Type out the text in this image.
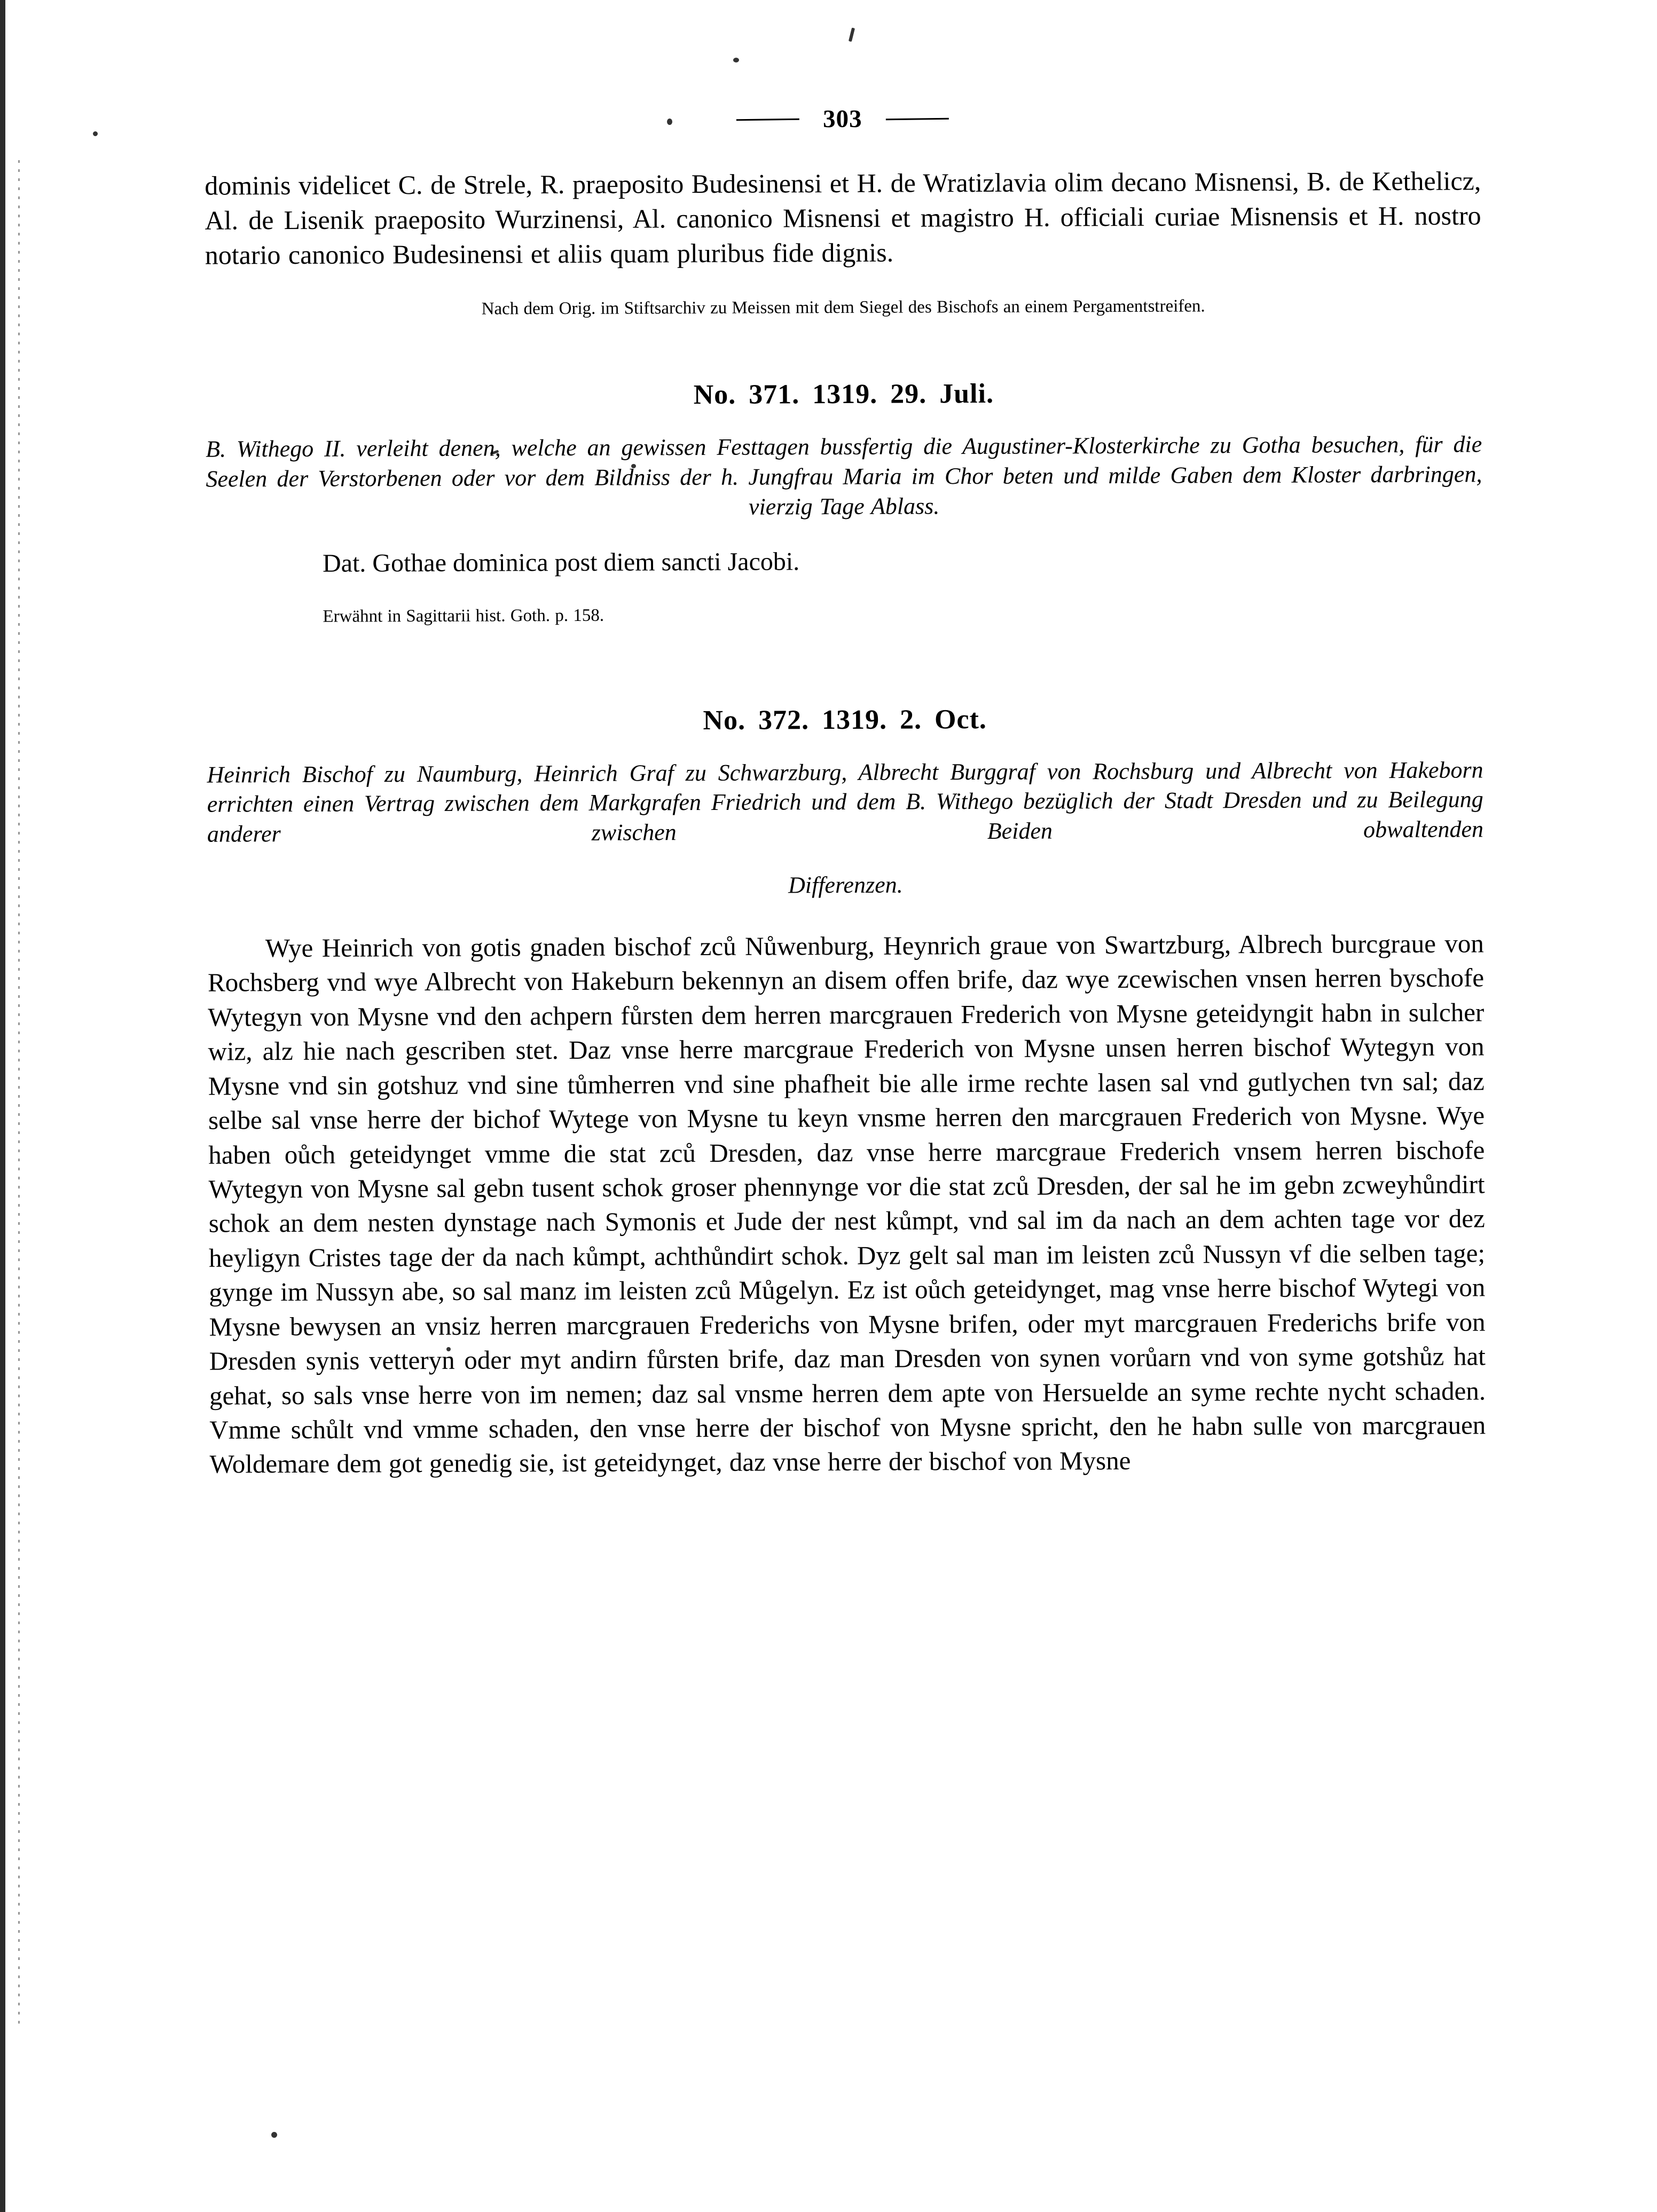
303

dominis videlicet C. de Strele, R. praeposito Budesinensi et H. de Wratizlavia olim decano Misnensi, B. de Kethelicz, Al. de Lisenik praeposito Wurzinensi, Al. canonico Misnensi et magistro H. officiali curiae Misnensis et H. nostro notario canonico Budesinensi et aliis quam pluribus fide dignis.

Nach dem Orig. im Stiftsarchiv zu Meissen mit dem Siegel des Bischofs an einem Pergamentstreifen.

No. 371. 1319. 29. Juli.

B. Withego II. verleiht denen, welche an gewissen Festtagen bussfertig die Augustiner-Klosterkirche zu Gotha besuchen, für die Seelen der Verstorbenen oder vor dem Bildniss der h. Jungfrau Maria im Chor beten und milde Gaben dem Kloster darbringen, vierzig Tage Ablass.

Dat. Gothae dominica post diem sancti Jacobi.

Erwähnt in Sagittarii hist. Goth. p. 158.

No. 372. 1319. 2. Oct.

Heinrich Bischof zu Naumburg, Heinrich Graf zu Schwarzburg, Albrecht Burggraf von Rochsburg und Albrecht von Hakeborn errichten einen Vertrag zwischen dem Markgrafen Friedrich und dem B. Withego bezüglich der Stadt Dresden und zu Beilegung anderer zwischen Beiden obwaltenden

Differenzen.

Wye Heinrich von gotis gnaden bischof zců Nůwenburg, Heynrich graue von Swartzburg, Albrech burcgraue von Rochsberg vnd wye Albrecht von Hakeburn bekennyn an disem offen brife, daz wye zcewischen vnsen herren byschofe Wytegyn von Mysne vnd den achpern fůrsten dem herren marcgrauen Frederich von Mysne geteidyngit habn in sulcher wiz, alz hie nach gescriben stet. Daz vnse herre marcgraue Frederich von Mysne unsen herren bischof Wytegyn von Mysne vnd sin gotshuz vnd sine tůmherren vnd sine phafheit bie alle irme rechte lasen sal vnd gutlychen tvn sal; daz selbe sal vnse herre der bichof Wytege von Mysne tu keyn vnsme herren den marcgrauen Frederich von Mysne. Wye haben oůch geteidynget vmme die stat zců Dresden, daz vnse herre marcgraue Frederich vnsem herren bischofe Wytegyn von Mysne sal gebn tusent schok groser phennynge vor die stat zců Dresden, der sal he im gebn zcweyhůndirt schok an dem nesten dynstage nach Symonis et Jude der nest kůmpt, vnd sal im da nach an dem achten tage vor dez heyligyn Cristes tage der da nach kůmpt, achthůndirt schok. Dyz gelt sal man im leisten zců Nussyn vf die selben tage; gynge im Nussyn abe, so sal manz im leisten zců Můgelyn. Ez ist oůch geteidynget, mag vnse herre bischof Wytegi von Mysne bewysen an vnsiz herren marcgrauen Frederichs von Mysne brifen, oder myt marcgrauen Frederichs brife von Dresden synis vetteryn oder myt andirn fůrsten brife, daz man Dresden von synen vorůarn vnd von syme gotshůz hat gehat, so sals vnse herre von im nemen; daz sal vnsme herren dem apte von Hersuelde an syme rechte nycht schaden. Vmme schůlt vnd vmme schaden, den vnse herre der bischof von Mysne spricht, den he habn sulle von marcgrauen Woldemare dem got genedig sie, ist geteidynget, daz vnse herre der bischof von Mysne
